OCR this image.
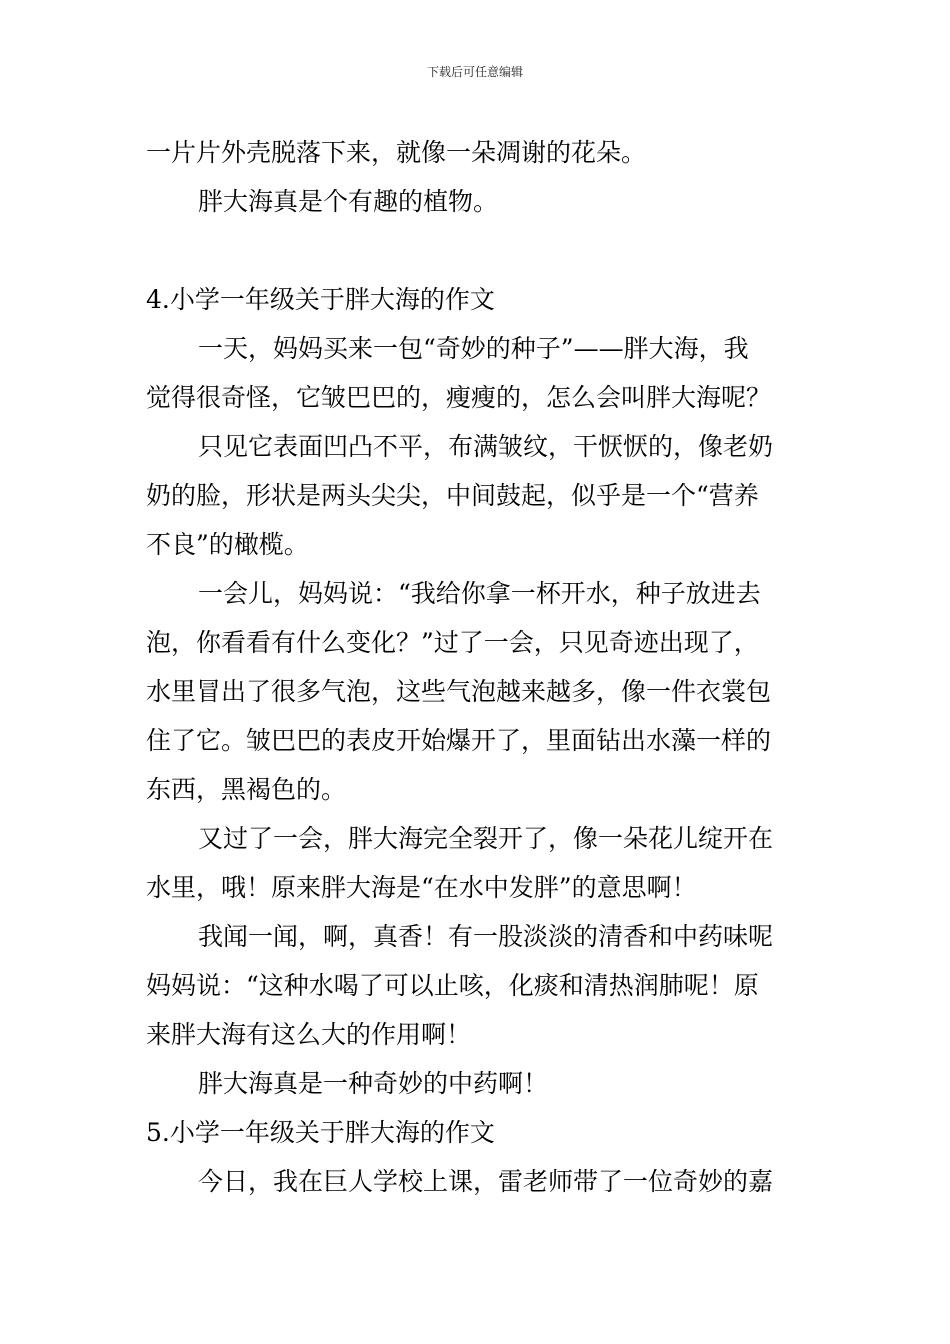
下载后可任意编辑
一片片外壳脱落下来，就像一朵凋谢的花朵。
胖大海真是个有趣的植物。
4.小学一年级关于胖大海的作文
一天，妈妈买来一包“奇妙的种子”——胖大海，我
觉得很奇怪，它皱巴巴的，瘦瘦的，怎么会叫胖大海呢？
只见它表面凹凸不平，布满皱纹，干恹恹的，像老奶
奶的脸，形状是两头尖尖，中间鼓起，似乎是一个“营养
不良”的橄榄。
一会儿，妈妈说：“我给你拿一杯开水，种子放进去
泡，你看看有什么变化？”过了一会，只见奇迹出现了，
水里冒出了很多气泡，这些气泡越来越多，像一件衣裳包
住了它。皱巴巴的表皮开始爆开了，里面钻出水藻一样的
东西，黑褐色的。
又过了一会，胖大海完全裂开了，像一朵花儿绽开在
水里，哦！原来胖大海是“在水中发胖”的意思啊！
我闻一闻，啊，真香！有一股淡淡的清香和中药味呢
妈妈说：“这种水喝了可以止咳，化痰和清热润肺呢！原
来胖大海有这么大的作用啊！
胖大海真是一种奇妙的中药啊！
5.小学一年级关于胖大海的作文
今日，我在巨人学校上课，雷老师带了一位奇妙的嘉
